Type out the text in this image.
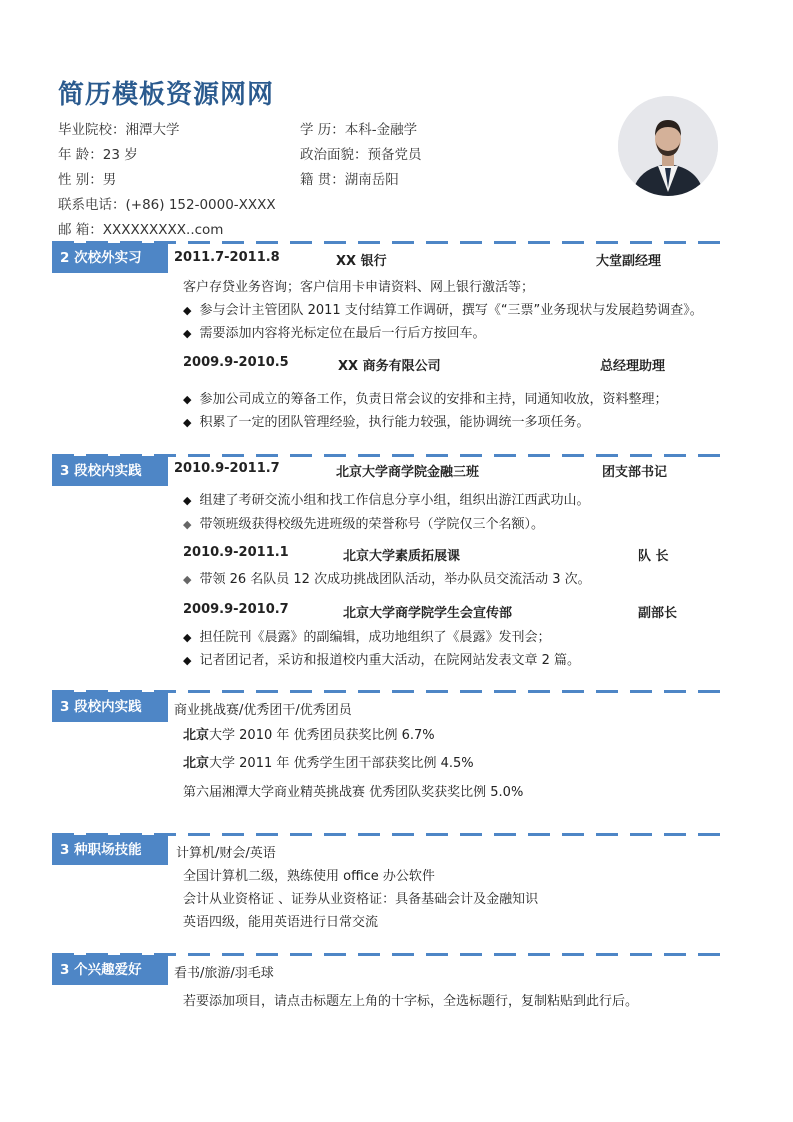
简历模板资源网网
毕业院校：湘潭大学
年 龄：23 岁
性 别：男
联系电话：(+86) 152-0000-XXXX
邮 箱：XXXXXXXXX..com
学 历：本科-金融学
政治面貌：预备党员
籍 贯：湖南岳阳
2 次校外实习	2011.7-2011.8	XX 银行	大堂副经理
客户存贷业务咨询；客户信用卡申请资料、网上银行激活等；
◆ 参与会计主管团队 2011 支付结算工作调研，撰写《“三票”业务现状与发展趋势调查》。
◆ 需要添加内容将光标定位在最后一行后方按回车。
2009.9-2010.5	XX 商务有限公司	总经理助理
◆ 参加公司成立的筹备工作，负责日常会议的安排和主持，同通知收放，资料整理；
◆ 积累了一定的团队管理经验，执行能力较强，能协调统一多项任务。
3 段校内实践	2010.9-2011.7	北京大学商学院金融三班	团支部书记
◆ 组建了考研交流小组和找工作信息分享小组，组织出游江西武功山。
◆ 带领班级获得校级先进班级的荣誉称号（学院仅三个名额）。
2010.9-2011.1	北京大学素质拓展课	队 长
◆ 带领 26 名队员 12 次成功挑战团队活动，举办队员交流活动 3 次。
2009.9-2010.7	北京大学商学院学生会宣传部	副部长
◆ 担任院刊《晨露》的副编辑，成功地组织了《晨露》发刊会；
◆ 记者团记者，采访和报道校内重大活动，在院网站发表文章 2 篇。
3 段校内实践	商业挑战赛/优秀团干/优秀团员
北京大学 2010 年 优秀团员获奖比例 6.7%
北京大学 2011 年 优秀学生团干部获奖比例 4.5%
第六届湘潭大学商业精英挑战赛 优秀团队奖获奖比例 5.0%
3 种职场技能	计算机/财会/英语
全国计算机二级，熟练使用 office 办公软件
会计从业资格证 、证券从业资格证：具备基础会计及金融知识
英语四级，能用英语进行日常交流
3 个兴趣爱好	看书/旅游/羽毛球
若要添加项目，请点击标题左上角的十字标，全选标题行，复制粘贴到此行后。
